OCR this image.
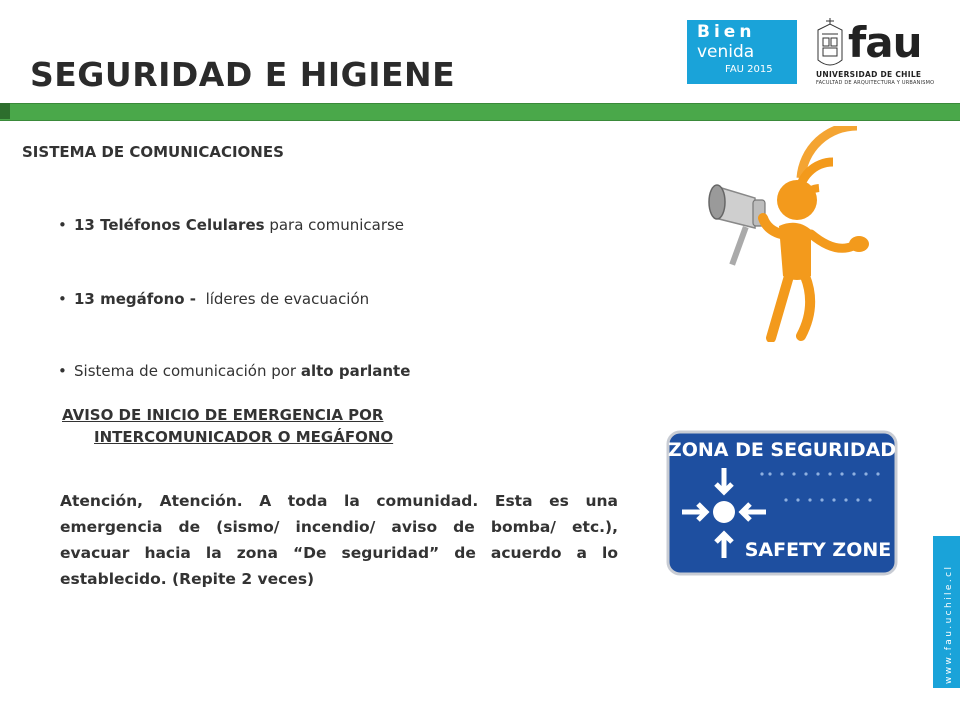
SEGURIDAD E HIGIENE
Bien
venida
FAU 2015
fau
UNIVERSIDAD DE CHILE
FACULTAD DE ARQUITECTURA Y URBANISMO
SISTEMA DE COMUNICACIONES
• 13 Teléfonos Celulares para comunicarse
• 13 megáfono -  líderes de evacuación
• Sistema de comunicación por alto parlante
AVISO DE INICIO DE EMERGENCIA POR
INTERCOMUNICADOR O MEGÁFONO
Atención, Atención. A toda la comunidad. Esta es una emergencia de (sismo/ incendio/ aviso de bomba/ etc.), evacuar hacia la zona “De seguridad” de acuerdo a lo establecido. (Repite 2 veces)
ZONA DE SEGURIDAD
SAFETY ZONE
www.fau.uchile.cl
